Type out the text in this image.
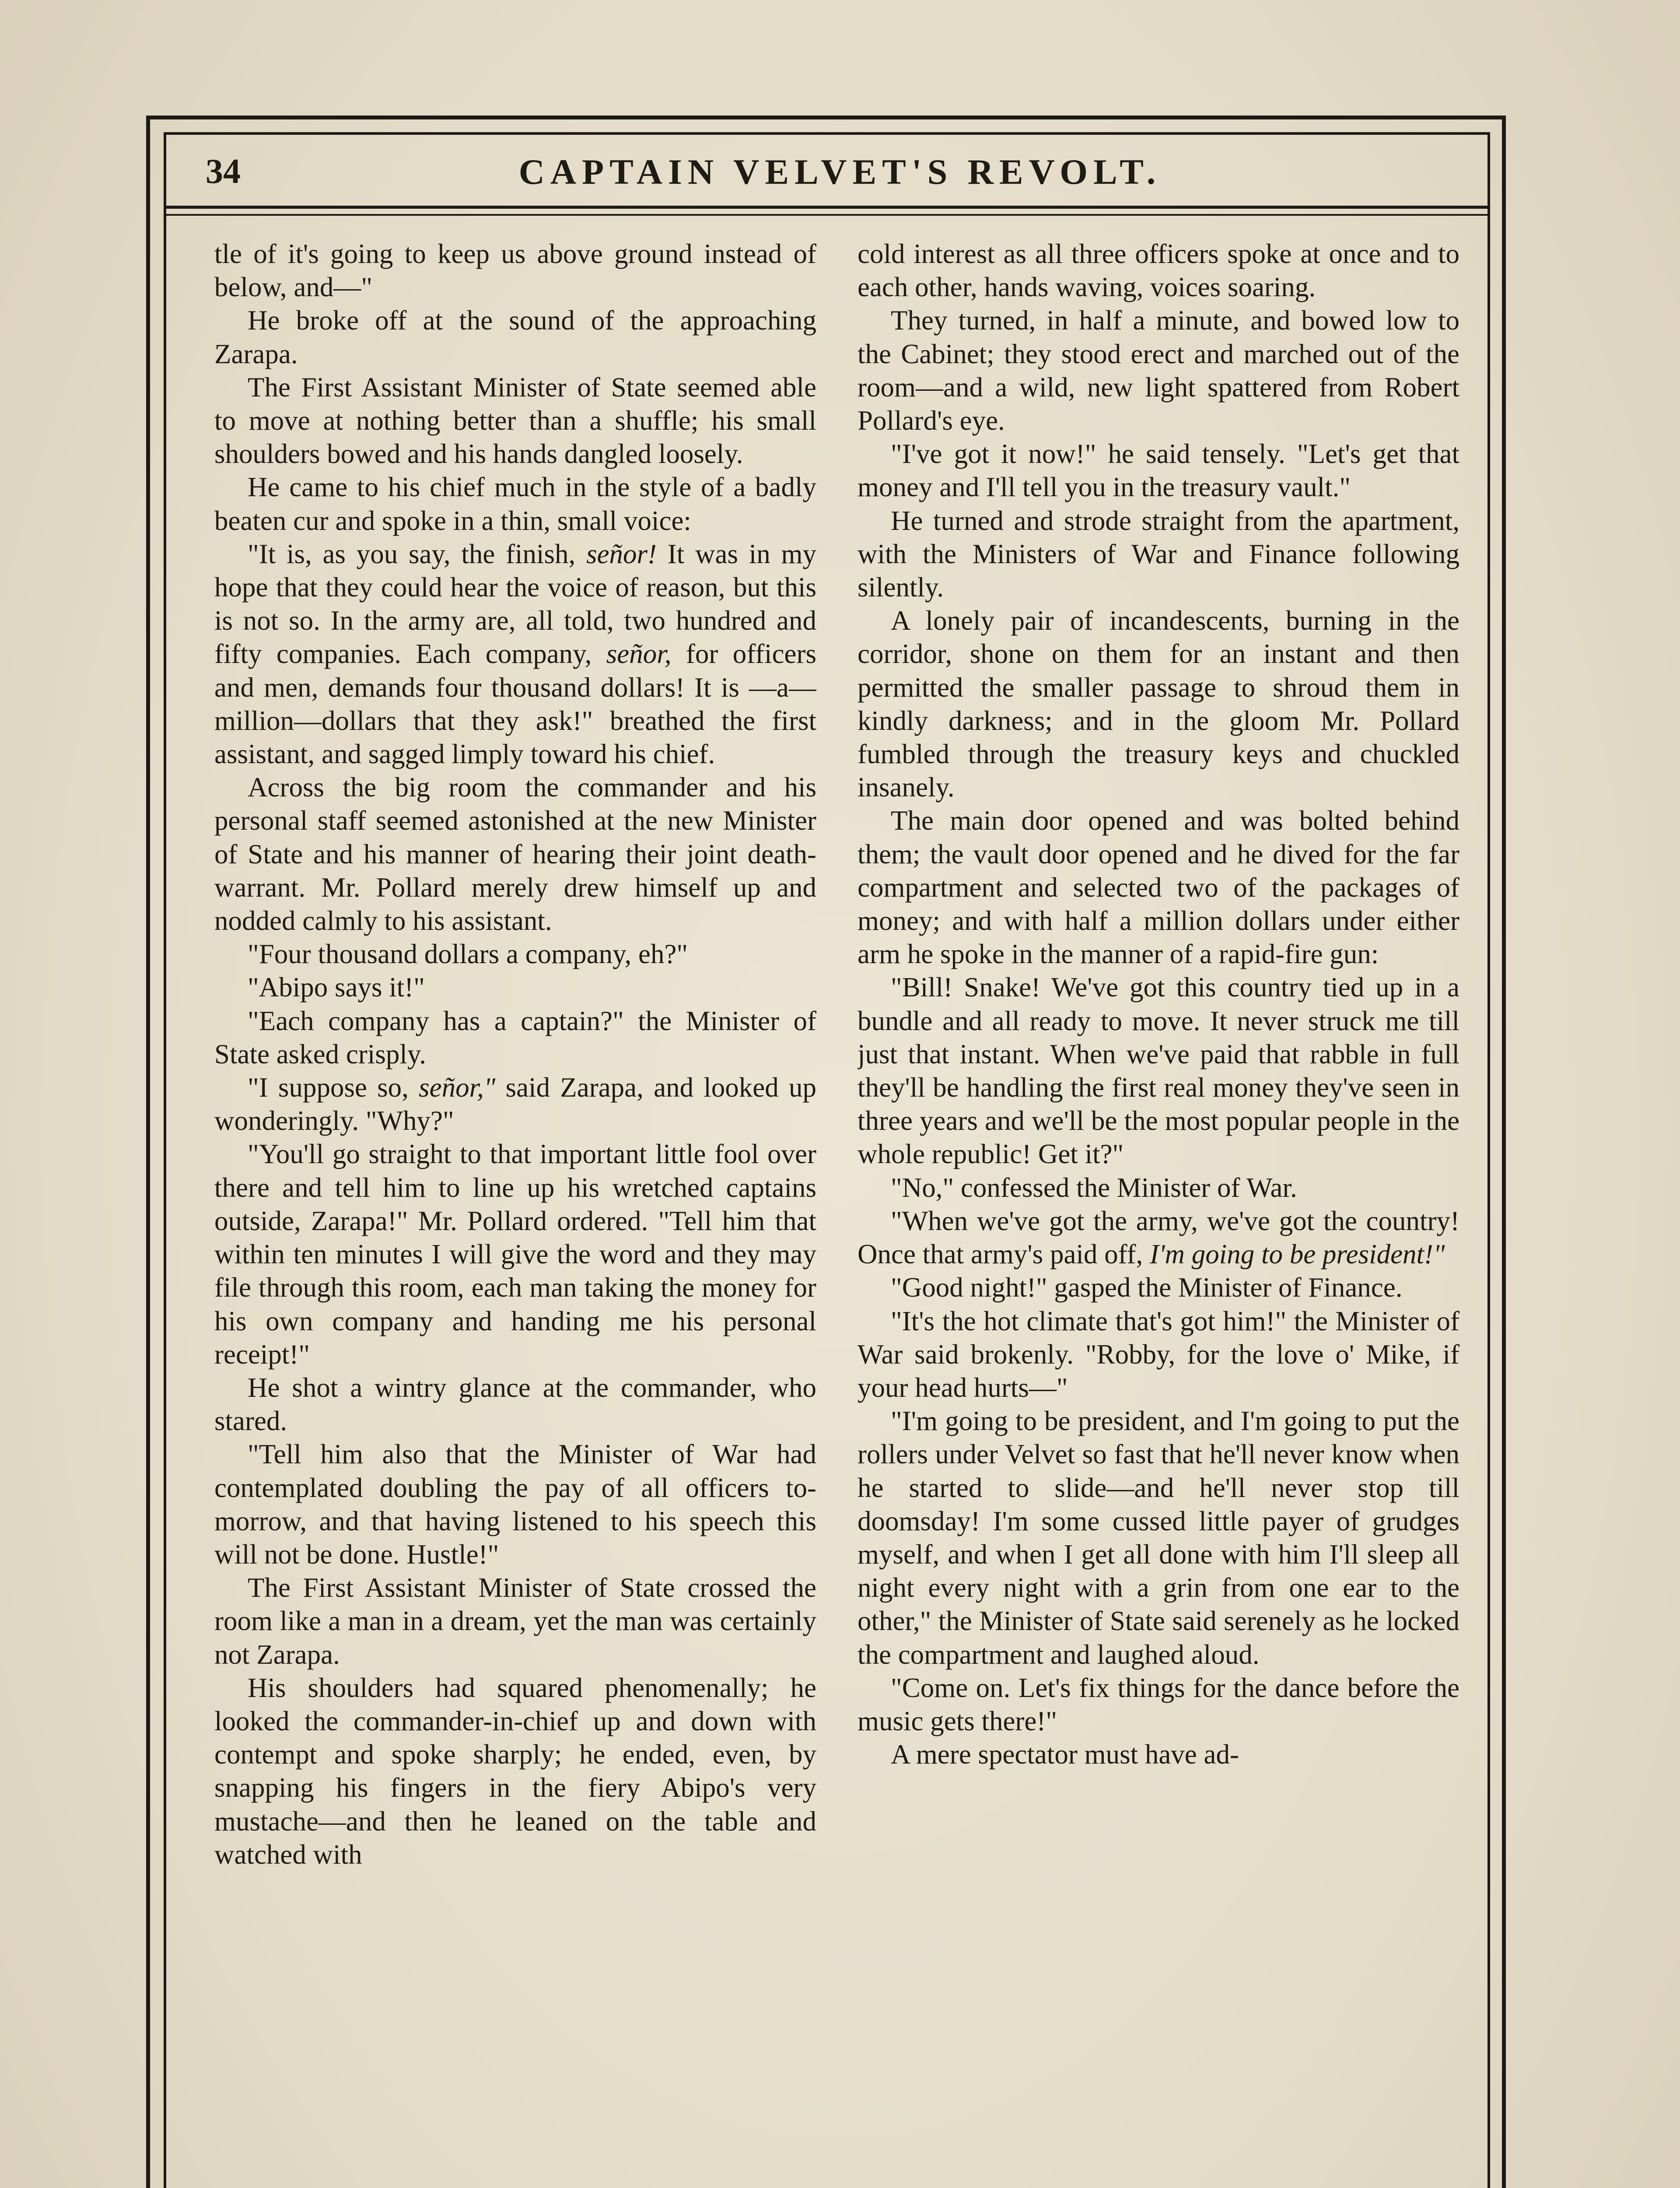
34	CAPTAIN VELVET'S REVOLT.

tle of it's going to keep us above ground instead of below, and—"

He broke off at the sound of the approaching Zarapa.

The First Assistant Minister of State seemed able to move at nothing better than a shuffle; his small shoulders bowed and his hands dangled loosely.

He came to his chief much in the style of a badly beaten cur and spoke in a thin, small voice:

"It is, as you say, the finish, señor! It was in my hope that they could hear the voice of reason, but this is not so. In the army are, all told, two hundred and fifty companies. Each company, señor, for officers and men, demands four thousand dollars! It is —a—million—dollars that they ask!" breathed the first assistant, and sagged limply toward his chief.

Across the big room the commander and his personal staff seemed astonished at the new Minister of State and his manner of hearing their joint death-warrant. Mr. Pollard merely drew himself up and nodded calmly to his assistant.

"Four thousand dollars a company, eh?"

"Abipo says it!"

"Each company has a captain?" the Minister of State asked crisply.

"I suppose so, señor," said Zarapa, and looked up wonderingly. "Why?"

"You'll go straight to that important little fool over there and tell him to line up his wretched captains outside, Zarapa!" Mr. Pollard ordered. "Tell him that within ten minutes I will give the word and they may file through this room, each man taking the money for his own company and handing me his personal receipt!"

He shot a wintry glance at the commander, who stared.

"Tell him also that the Minister of War had contemplated doubling the pay of all officers to-morrow, and that having listened to his speech this will not be done. Hustle!"

The First Assistant Minister of State crossed the room like a man in a dream, yet the man was certainly not Zarapa.

His shoulders had squared phenomenally; he looked the commander-in-chief up and down with contempt and spoke sharply; he ended, even, by snapping his fingers in the fiery Abipo's very mustache—and then he leaned on the table and watched with

cold interest as all three officers spoke at once and to each other, hands waving, voices soaring.

They turned, in half a minute, and bowed low to the Cabinet; they stood erect and marched out of the room—and a wild, new light spattered from Robert Pollard's eye.

"I've got it now!" he said tensely. "Let's get that money and I'll tell you in the treasury vault."

He turned and strode straight from the apartment, with the Ministers of War and Finance following silently.

A lonely pair of incandescents, burning in the corridor, shone on them for an instant and then permitted the smaller passage to shroud them in kindly darkness; and in the gloom Mr. Pollard fumbled through the treasury keys and chuckled insanely.

The main door opened and was bolted behind them; the vault door opened and he dived for the far compartment and selected two of the packages of money; and with half a million dollars under either arm he spoke in the manner of a rapid-fire gun:

"Bill! Snake! We've got this country tied up in a bundle and all ready to move. It never struck me till just that instant. When we've paid that rabble in full they'll be handling the first real money they've seen in three years and we'll be the most popular people in the whole republic! Get it?"

"No," confessed the Minister of War.

"When we've got the army, we've got the country! Once that army's paid off, I'm going to be president!"

"Good night!" gasped the Minister of Finance.

"It's the hot climate that's got him!" the Minister of War said brokenly. "Robby, for the love o' Mike, if your head hurts—"

"I'm going to be president, and I'm going to put the rollers under Velvet so fast that he'll never know when he started to slide—and he'll never stop till doomsday! I'm some cussed little payer of grudges myself, and when I get all done with him I'll sleep all night every night with a grin from one ear to the other," the Minister of State said serenely as he locked the compartment and laughed aloud.

"Come on. Let's fix things for the dance before the music gets there!"

A mere spectator must have ad-
